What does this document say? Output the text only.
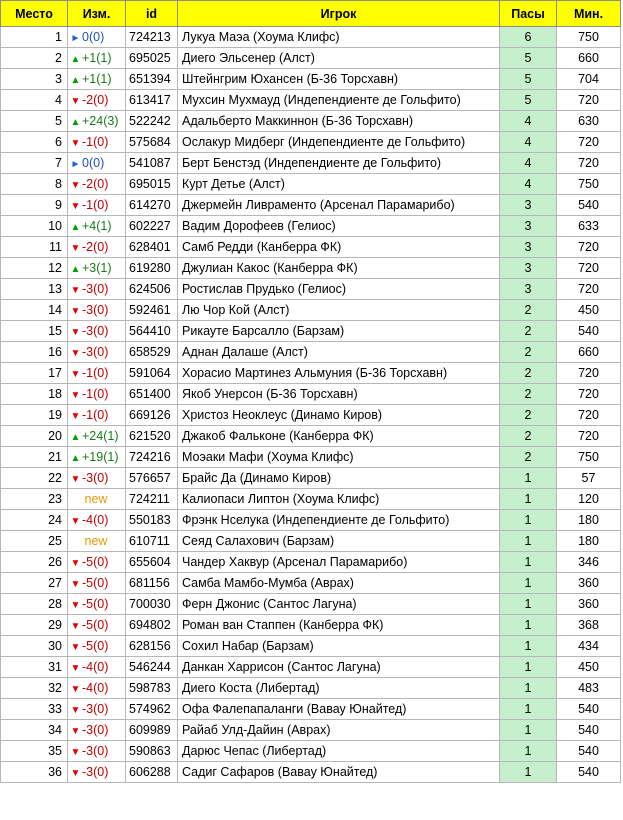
Место	Изм.	id	Игрок	Пасы	Мин.
1	► 0(0)	724213	Лукуа Маэа (Хоума Клифс)	6	750
2	▲ +1(1)	695025	Диего Эльсенер (Алст)	5	660
3	▲ +1(1)	651394	Штейнгрим Юхансен (Б-36 Торсхавн)	5	704
4	▼ -2(0)	613417	Мухсин Мухмауд (Индепендиенте де Гольфито)	5	720
5	▲ +24(3)	522242	Адальберто Маккиннон (Б-36 Торсхавн)	4	630
6	▼ -1(0)	575684	Ослакур Мидберг (Индепендиенте де Гольфито)	4	720
7	► 0(0)	541087	Берт Бенстэд (Индепендиенте де Гольфито)	4	720
8	▼ -2(0)	695015	Курт Детье (Алст)	4	750
9	▼ -1(0)	614270	Джермейн Ливраменто (Арсенал Парамарибо)	3	540
10	▲ +4(1)	602227	Вадим Дорофеев (Гелиос)	3	633
11	▼ -2(0)	628401	Самб Редди (Канберра ФК)	3	720
12	▲ +3(1)	619280	Джулиан Какос (Канберра ФК)	3	720
13	▼ -3(0)	624506	Ростислав Прудько (Гелиос)	3	720
14	▼ -3(0)	592461	Лю Чор Кой (Алст)	2	450
15	▼ -3(0)	564410	Рикауте Барсалло (Барзам)	2	540
16	▼ -3(0)	658529	Аднан Далаше (Алст)	2	660
17	▼ -1(0)	591064	Хорасио Мартинез Альмуния (Б-36 Торсхавн)	2	720
18	▼ -1(0)	651400	Якоб Унерсон (Б-36 Торсхавн)	2	720
19	▼ -1(0)	669126	Христоз Неоклеус (Динамо Киров)	2	720
20	▲ +24(1)	621520	Джакоб Фальконе (Канберра ФК)	2	720
21	▲ +19(1)	724216	Моэаки Мафи (Хоума Клифс)	2	750
22	▼ -3(0)	576657	Брайс Да (Динамо Киров)	1	57
23	new	724211	Калиопаси Липтон (Хоума Клифс)	1	120
24	▼ -4(0)	550183	Фрэнк Нселука (Индепендиенте де Гольфито)	1	180
25	new	610711	Сеяд Салахович (Барзам)	1	180
26	▼ -5(0)	655604	Чандер Хаквур (Арсенал Парамарибо)	1	346
27	▼ -5(0)	681156	Самба Мамбо-Мумба (Аврах)	1	360
28	▼ -5(0)	700030	Ферн Джонис (Сантос Лагуна)	1	360
29	▼ -5(0)	694802	Роман ван Стаппен (Канберра ФК)	1	368
30	▼ -5(0)	628156	Сохил Набар (Барзам)	1	434
31	▼ -4(0)	546244	Данкан Харрисон (Сантос Лагуна)	1	450
32	▼ -4(0)	598783	Диего Коста (Либертад)	1	483
33	▼ -3(0)	574962	Офа Фалепапаланги (Вавау Юнайтед)	1	540
34	▼ -3(0)	609989	Райаб Улд-Дайин (Аврах)	1	540
35	▼ -3(0)	590863	Дарюс Чепас (Либертад)	1	540
36	▼ -3(0)	606288	Садиг Сафаров (Вавау Юнайтед)	1	540
